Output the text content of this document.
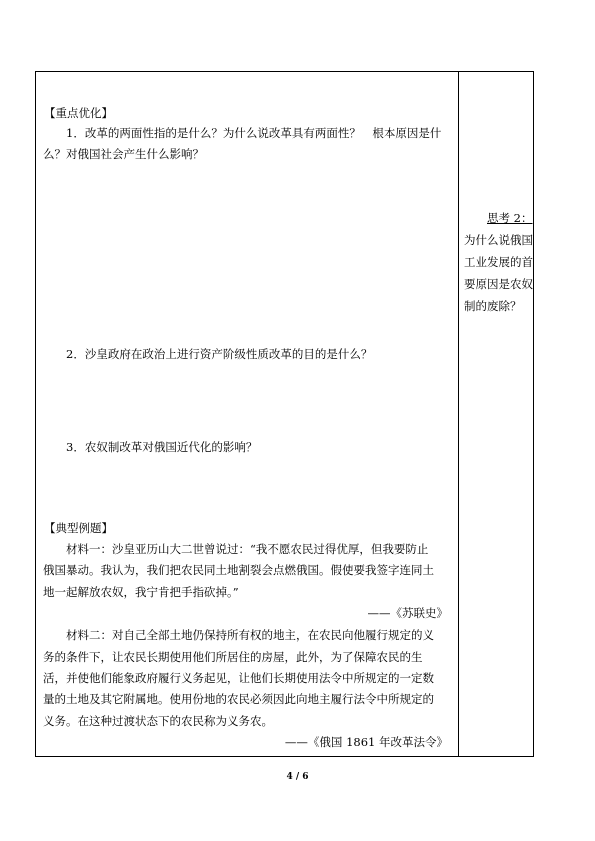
【重点优化】
1．改革的两面性指的是什么？为什么说改革具有两面性？　根本原因是什
么？对俄国社会产生什么影响？
2．沙皇政府在政治上进行资产阶级性质改革的目的是什么？
3．农奴制改革对俄国近代化的影响？
【典型例题】
材料一：沙皇亚历山大二世曾说过：“我不愿农民过得优厚，但我要防止
俄国暴动。我认为，我们把农民同土地割裂会点燃俄国。假使要我签字连同土
地一起解放农奴，我宁肯把手指砍掉。”
——《苏联史》
材料二：对自己全部土地仍保持所有权的地主，在农民向他履行规定的义
务的条件下，让农民长期使用他们所居住的房屋，此外，为了保障农民的生
活，并使他们能象政府履行义务起见，让他们长期使用法令中所规定的一定数
量的土地及其它附属地。使用份地的农民必须因此向地主履行法令中所规定的
义务。在这种过渡状态下的农民称为义务农。
——《俄国 1861 年改革法令》
思考 2：
为什么说俄国
工业发展的首
要原因是农奴
制的废除？
4 / 6
